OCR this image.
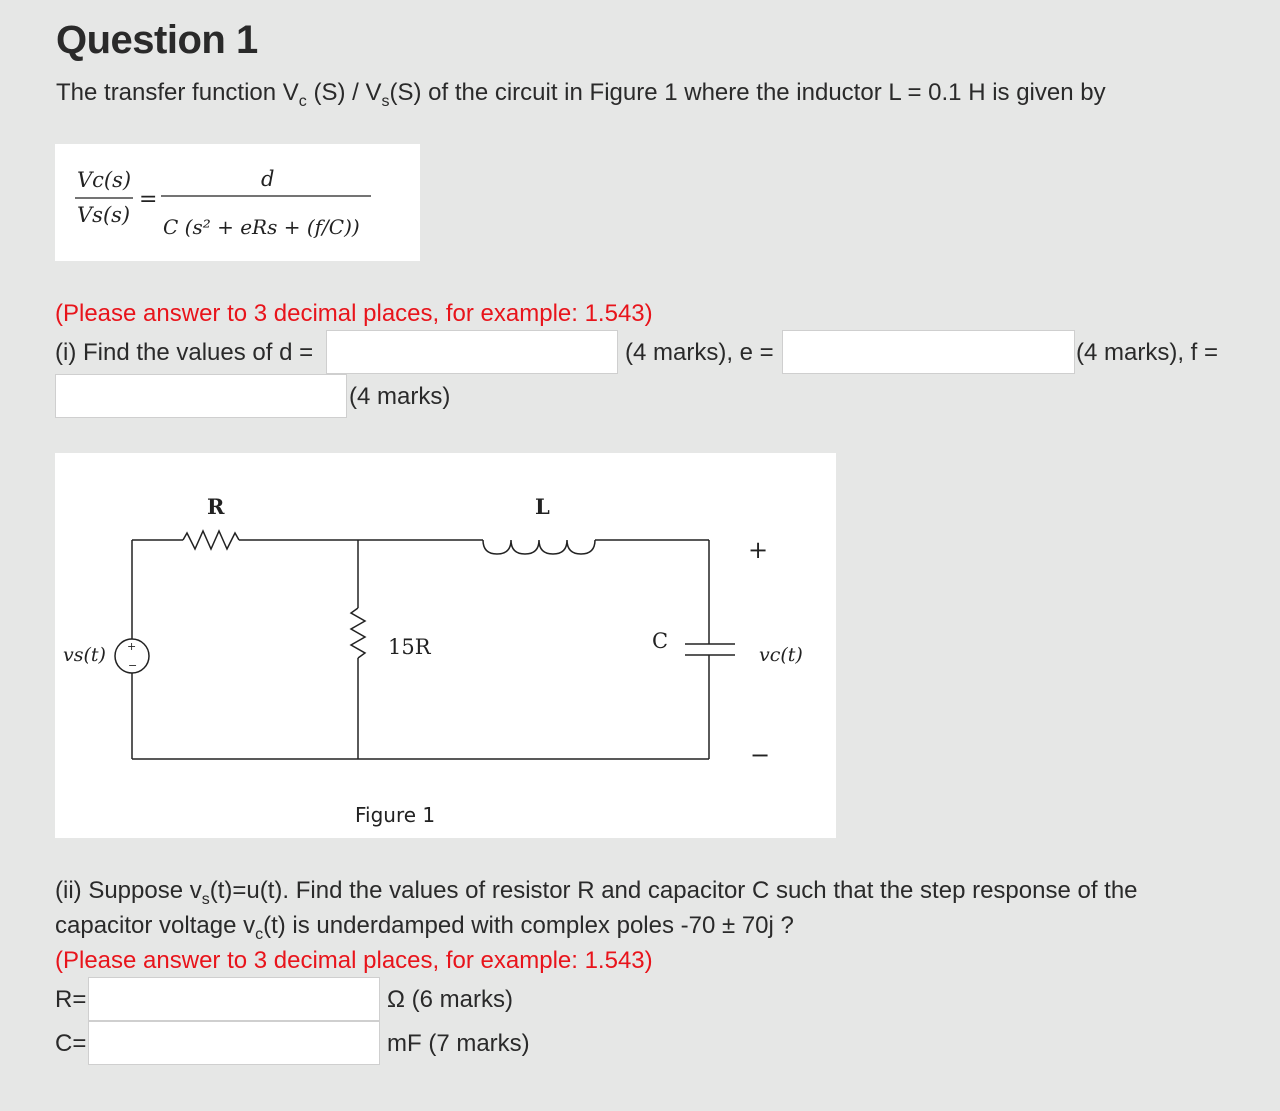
Question 1
The transfer function $V_c$ $(S) / V_s(S)$ of the circuit in Figure 1 where the inductor L = 0.1 H is given by
Vc(s)
Vs(s)
=
d
C (s² + eRs + (f/C))
(Please answer to 3 decimal places, for example: 1.543)
(i) Find the values of d =	(4 marks), e =	(4 marks), f =
(4 marks)
+
−
R	L
15R	C
vs(t)	vc(t)
+
−
Figure 1
(ii) Suppose $v_s(t)=u(t)$. Find the values of resistor R and capacitor C such that the step response of the
capacitor voltage $v_c(t)$ is underdamped with complex poles -70 ± 70j ?
(Please answer to 3 decimal places, for example: 1.543)
R=	Ω (6 marks)
C=	mF (7 marks)
